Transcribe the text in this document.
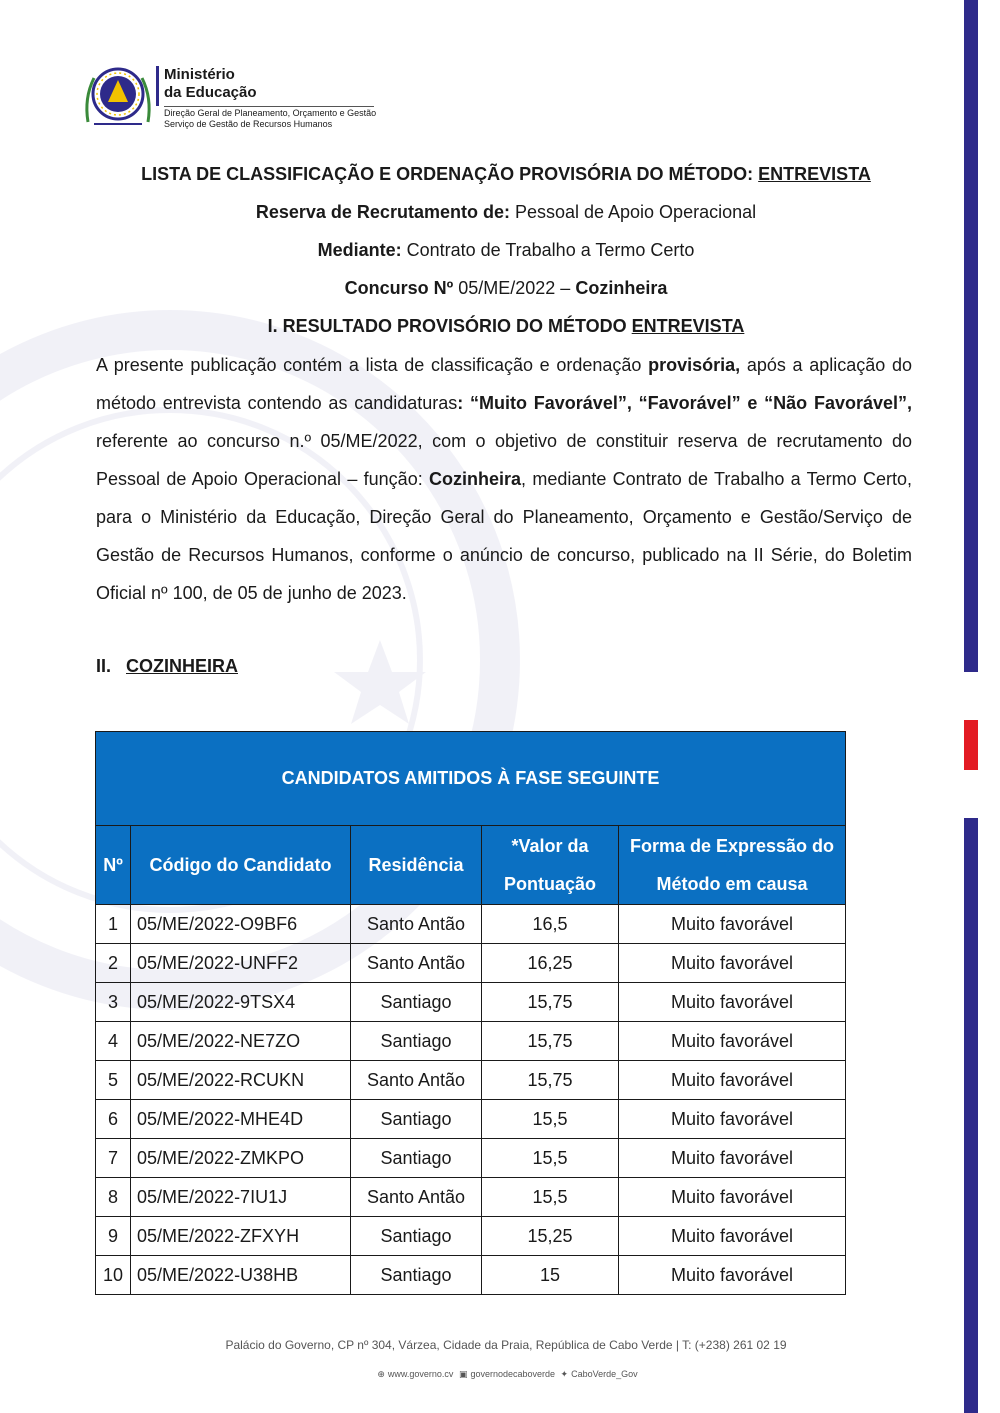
Ministério
da Educação
Direção Geral de Planeamento, Orçamento e Gestão
Serviço de Gestão de Recursos Humanos
LISTA DE CLASSIFICAÇÃO E ORDENAÇÃO PROVISÓRIA DO MÉTODO: ENTREVISTA
Reserva de Recrutamento de: Pessoal de Apoio Operacional
Mediante: Contrato de Trabalho a Termo Certo
Concurso Nº 05/ME/2022 – Cozinheira
I. RESULTADO PROVISÓRIO DO MÉTODO ENTREVISTA

A presente publicação contém a lista de classificação e ordenação provisória, após a aplicação do método entrevista contendo as candidaturas: “Muito Favorável”, “Favorável” e “Não Favorável”, referente ao concurso n.º 05/ME/2022, com o objetivo de constituir reserva de recrutamento do Pessoal de Apoio Operacional – função: Cozinheira, mediante Contrato de Trabalho a Termo Certo, para o Ministério da Educação, Direção Geral do Planeamento, Orçamento e Gestão/Serviço de Gestão de Recursos Humanos, conforme o anúncio de concurso, publicado na II Série, do Boletim Oficial nº 100, de 05 de junho de 2023.

II. COZINHEIRA
CANDIDATOS AMITIDOS À FASE SEGUINTE				
Nº	Código do Candidato	Residência	*Valor da Pontuação	Forma de Expressão do Método em causa
1	05/ME/2022-O9BF6	Santo Antão	16,5	Muito favorável
2	05/ME/2022-UNFF2	Santo Antão	16,25	Muito favorável
3	05/ME/2022-9TSX4	Santiago	15,75	Muito favorável
4	05/ME/2022-NE7ZO	Santiago	15,75	Muito favorável
5	05/ME/2022-RCUKN	Santo Antão	15,75	Muito favorável
6	05/ME/2022-MHE4D	Santiago	15,5	Muito favorável
7	05/ME/2022-ZMKPO	Santiago	15,5	Muito favorável
8	05/ME/2022-7IU1J	Santo Antão	15,5	Muito favorável
9	05/ME/2022-ZFXYH	Santiago	15,25	Muito favorável
10	05/ME/2022-U38HB	Santiago	15	Muito favorável
Palácio do Governo, CP nº 304, Várzea, Cidade da Praia, República de Cabo Verde | T: (+238) 261 02 19
⊕ www.governo.cv ▣ governodecaboverde ✦ CaboVerde_Gov
